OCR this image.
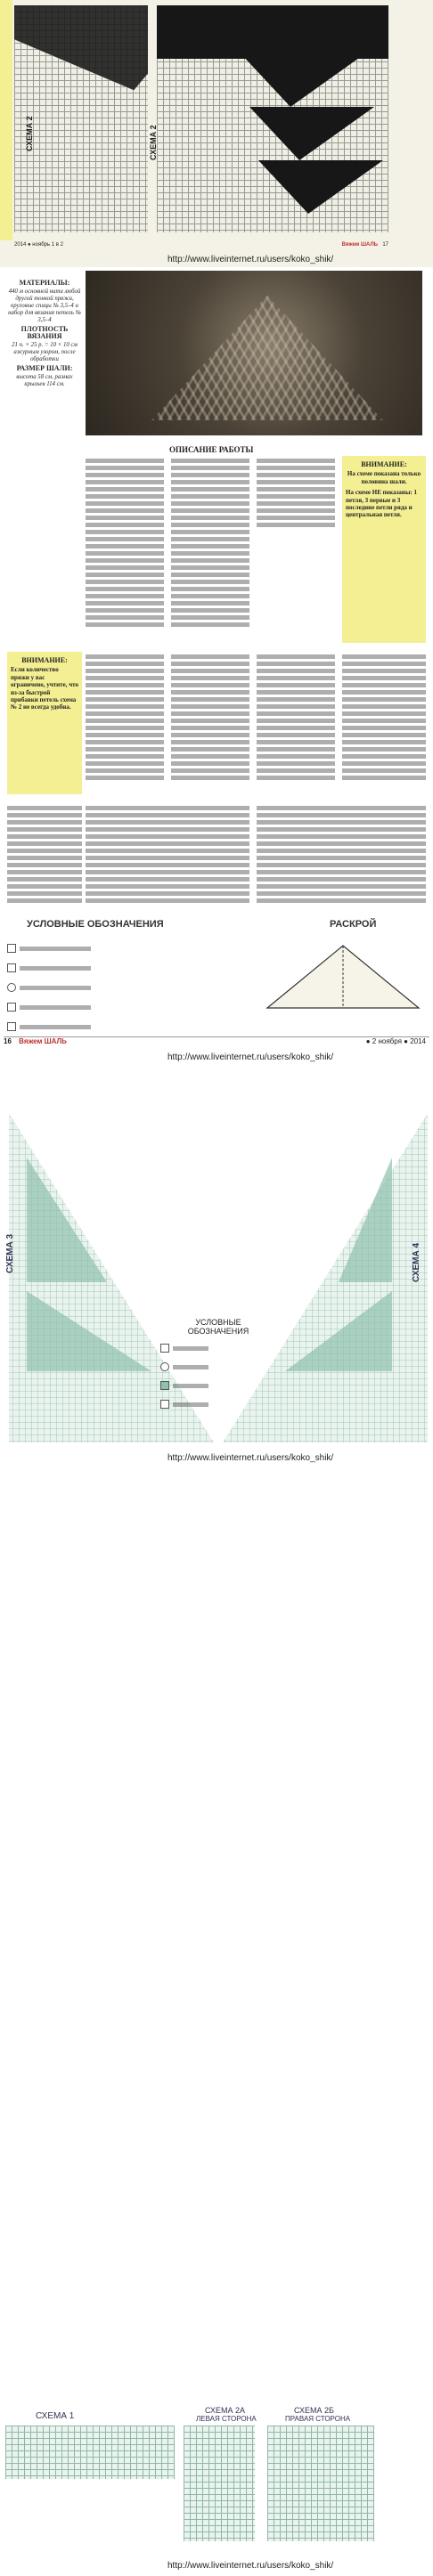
СХЕМА 2	СХЕМА 2
2014 ● ноябрь 1 в 2	Вяжем ШАЛЬ 17
http://www.liveinternet.ru/users/koko_shik/
МАТЕРИАЛЫ:
440 м основной нити любой другой тонкой пряжи, круговые спицы № 3,5–4 и набор для вязания петель № 3,5–4
ПЛОТНОСТЬ ВЯЗАНИЯ
21 п. × 25 р. = 10 × 10 см ажурным узором, после обработки
РАЗМЕР ШАЛИ:
высота 58 см, размах крыльев 114 см.
ОПИСАНИЕ РАБОТЫ
ВНИМАНИЕ:
На схеме показана только половина шали.
На схеме НЕ показаны: 1 петля, 3 первые и 3 последние петли ряда и центральная петля.
ВНИМАНИЕ:
Если количество пряжи у вас ограничено, учтите, что из-за быстрой прибавки петель схема № 2 не всегда удобна.
УСЛОВНЫЕ ОБОЗНАЧЕНИЯ	РАСКРОЙ
16 Вяжем ШАЛЬ	● 2 ноября ● 2014
http://www.liveinternet.ru/users/koko_shik/
СХЕМА 3	СХЕМА 4
УСЛОВНЫЕ ОБОЗНАЧЕНИЯ
http://www.liveinternet.ru/users/koko_shik/
СХЕМА 1
СХЕМА 2А
ЛЕВАЯ СТОРОНА
СХЕМА 2Б
ПРАВАЯ СТОРОНА
http://www.liveinternet.ru/users/koko_shik/
